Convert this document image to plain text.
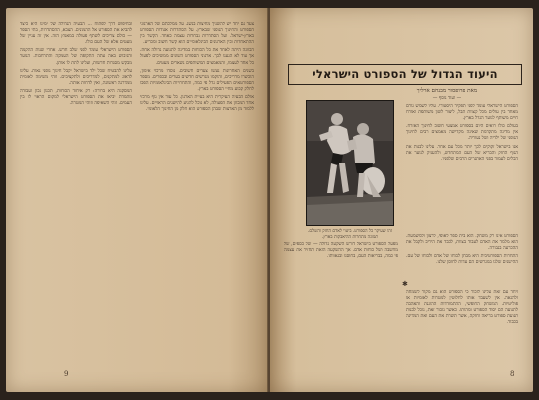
צעד גם יחד יש להשגיך מחיצות בגשנ. על ממלכתם של הארגוני הספורט והחינוך הגופני שבארץ. על הסתדרות אגודות הספורט בארץ-ישראל. ועל הסתדרות נבחרות עצמה כאחד. הקשר בין ההתאחדות ובין הארגונים הבינלאומיים הוא קשר חשוב ומכריע.

הכוונה היתה לאחד את כל הכוחות במדינה לתנועה גדולה אחת. אך עוד לא הגענו לכך. ארגוני הספורט השונים ממשיכים לפעול כל אחד לעצמו, והמאמצים המשותפים נשארים מעטים.

בשנים האחרונות נעשו צעדים חשובים. נוסדו מרכזי אימון, הוכשרו מדריכים, והוקמו מגרשים חדשים בערים ובכפרים. מספר הספורטאים הפעילים גדל פי כמה, והתחרויות הבינלאומיות הפכו לחלק קבוע מחיי הספורט בארץ.

אולם הבעיה העיקרית היא בעיית הארגון. כל עוד אין גוף מרכזי אחד המכוון את הפעולה, לא נוכל להגיע להישגים הראויים. עלינו ללמוד מן הארצות שבהן הספורט הוא חלק מן החינוך הלאומי.

ובחיפוש דרך לפתוח ... הבעיה הגדולה של ימינו היא כיצד להביא את הספורט אל ההמונים. הצבא, ההסתדרות, בתי הספר — כולם צריכים לשתף פעולה במאמץ הזה. אין זה עניין של מעטים אלא של העם כולו.

הספורט הישראלי עומד לפני שלב חדש. אחרי שנות ההקמה והגיבוש באה עתה התקופה של העמקה והתרחבות. הנוער מבקש מסגרות חדשות, ועלינו לתת לו אותן.

עלינו להבטיח שכל ילד בישראל יקבל חינוך גופני נאות. עלינו לדאוג למתקנים, למדריכים ולתקציבים. זוהי משימה לאומית ממדרגה ראשונה, ואין לדחות אותה.

המסקנה היא ברורה: רק איחוד הכוחות, תכנון נכון ועבודה מתמדת יביאו את הספורט הישראלי למקום הראוי לו בין העמים. זוהי השאיפה וזוהי המטרה.

9
היעוד הגדול של הספורט הישראלי
מאת פרופסור מבנחם ארליך
— ועוד נוסף —
זהו שעיקר כל הספורט. ביטוי לאדם החזק והשלם. תמונה מתחרות ההיאבקות בארץ.

הספורט הישראלי עומד לפני תפקיד היסטורי. עליו לשמש גורם מאחד בין עולים מכל קצוות תבל, ליצור לשון משותפת ואורח חיים משותף לנוער הגדל בארץ.

בעולם כולו רואים היום בספורט אמצעי חשוב לחינוך האזרח. אין מדינה מתקדמת שאינה מקדישה מאמצים רבים לחינוך הגופני של ילדיה ושל נעוריה.

אנו בישראל זקוקים לכך יותר מכל עם אחר. עלינו לבנות את הגוף החזק והבריא של העם המתחדש, ולהעניק לנוער את הכלים לעמוד בפני האתגרים הרבים שלפניו.

הספורט אינו רק משחק. הוא בית ספר לאופי, לרצון ולמשמעת. הוא מלמד את האדם לעבוד בצוות, לכבד את היריב ולקבל את ההכרעה בגבורה.

התחרות הספורטיבית היא מבחן לכוחו של אדם ולכוחו של עם. ההישגים שלנו במגרשים הם עדות לחוסן שלנו.

✱

ויחד עם זאת עלינו לזכור כי הספורט הוא גם מקור לשמחה ולהנאה. אין לשעבד אותו לחלוטין למטרות לאומיות או פוליטיות. המשחק החופשי, ההתמודדות ההוגנת והאהבה לתנועה הם יסוד הספורט ומהותו. כאשר נזכור זאת, נוכל לבנות תנועת ספורט בריאה וחזקה, אשר תשרת את העם ואת המדינה בכבוד.

מפעל הספורט בישראל דורש השקעה גדולה — של כספים, של מחשבה ושל כוחות אדם. אך ההשקעה הזאת תחזיר את עצמה פי כמה, בבריאות העם, בחוסנו ובגאוותו.

8
